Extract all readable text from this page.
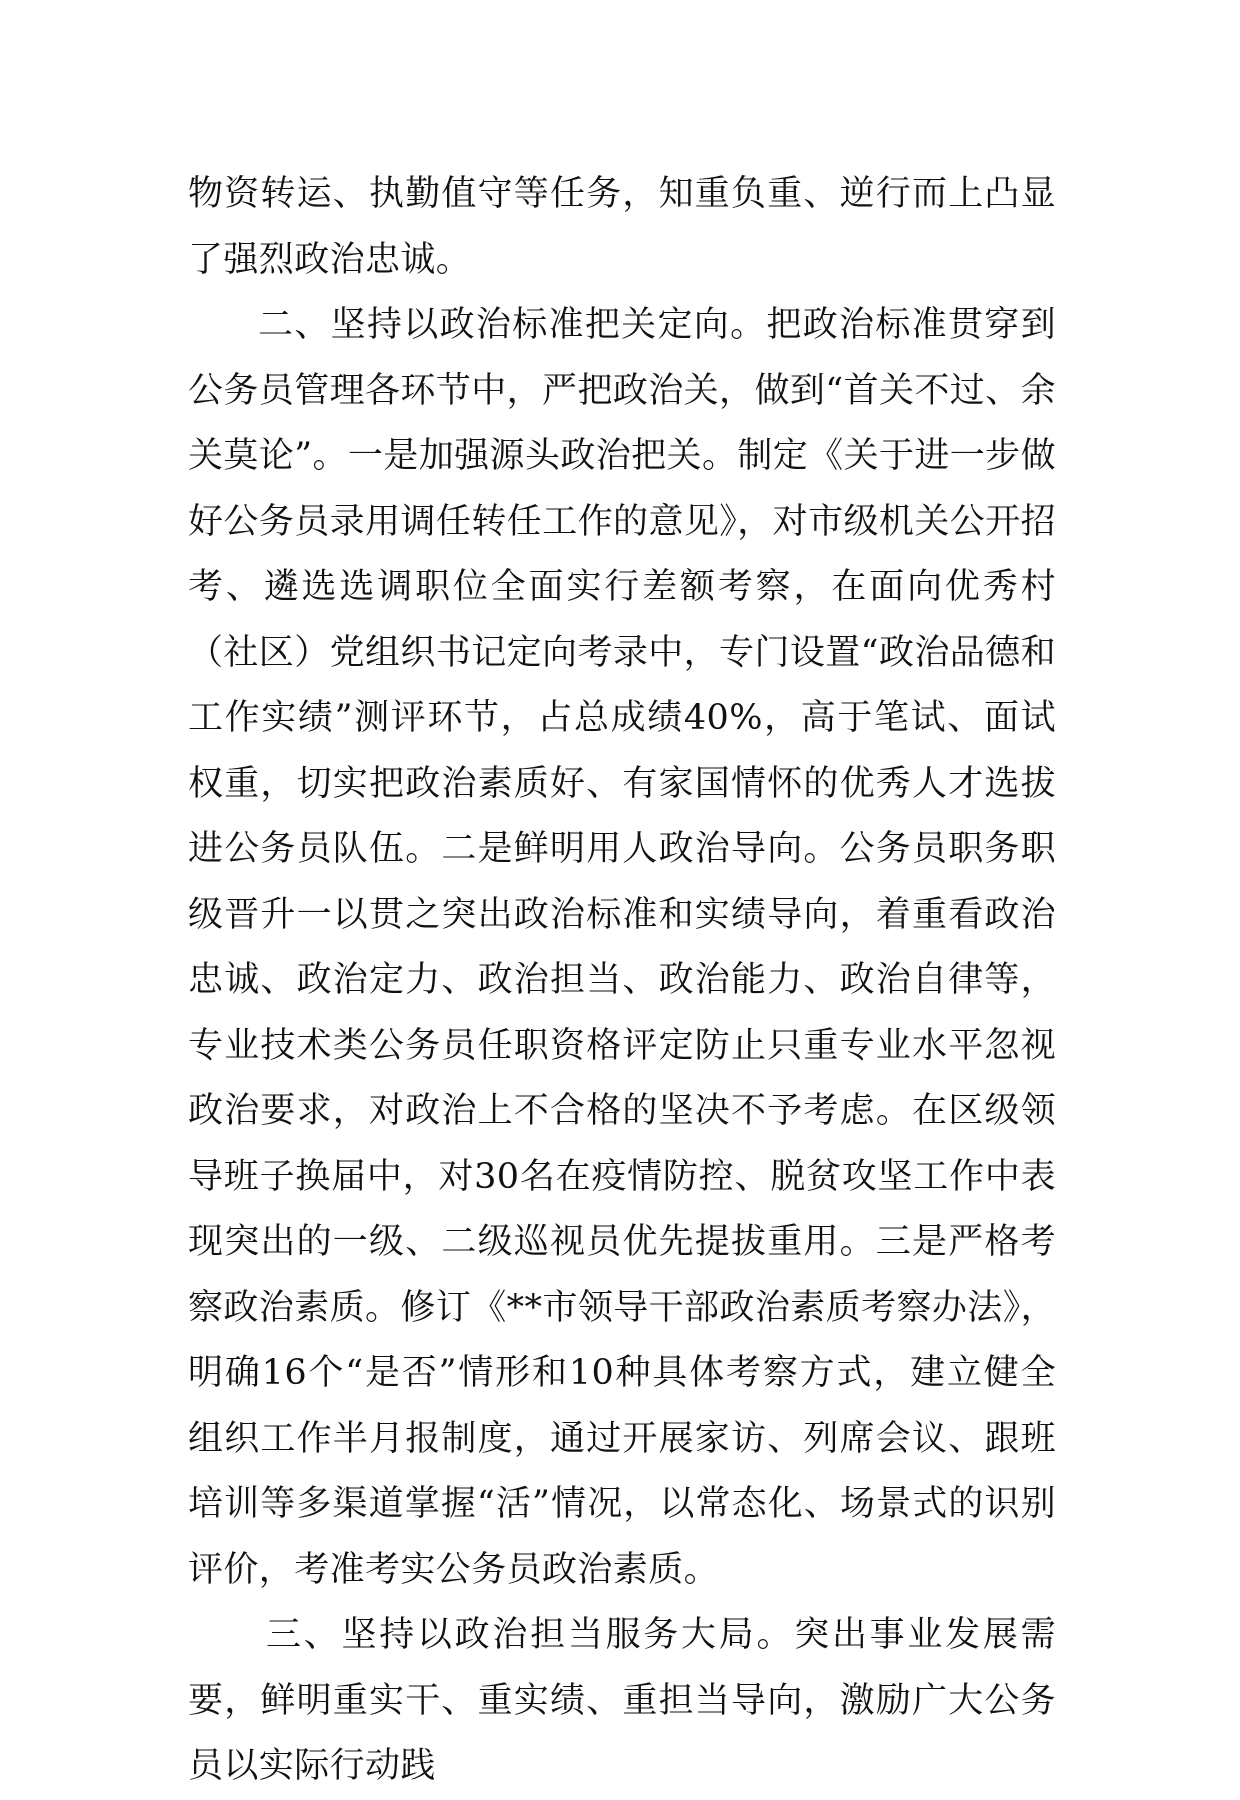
物资转运、执勤值守等任务，知重负重、逆行而上凸显了强烈政治忠诚。

二、坚持以政治标准把关定向。把政治标准贯穿到公务员管理各环节中，严把政治关，做到“首关不过、余关莫论”。一是加强源头政治把关。制定《关于进一步做好公务员录用调任转任工作的意见》，对市级机关公开招考、遴选选调职位全面实行差额考察，在面向优秀村（社区）党组织书记定向考录中，专门设置“政治品德和工作实绩”测评环节，占总成绩40%，高于笔试、面试权重，切实把政治素质好、有家国情怀的优秀人才选拔进公务员队伍。二是鲜明用人政治导向。公务员职务职级晋升一以贯之突出政治标准和实绩导向，着重看政治忠诚、政治定力、政治担当、政治能力、政治自律等，专业技术类公务员任职资格评定防止只重专业水平忽视政治要求，对政治上不合格的坚决不予考虑。在区级领导班子换届中，对30名在疫情防控、脱贫攻坚工作中表现突出的一级、二级巡视员优先提拔重用。三是严格考察政治素质。修订《**市领导干部政治素质考察办法》，明确16个“是否”情形和10种具体考察方式，建立健全组织工作半月报制度，通过开展家访、列席会议、跟班培训等多渠道掌握“活”情况，以常态化、场景式的识别评价，考准考实公务员政治素质。

三、坚持以政治担当服务大局。突出事业发展需要，鲜明重实干、重实绩、重担当导向，激励广大公务员以实际行动践
